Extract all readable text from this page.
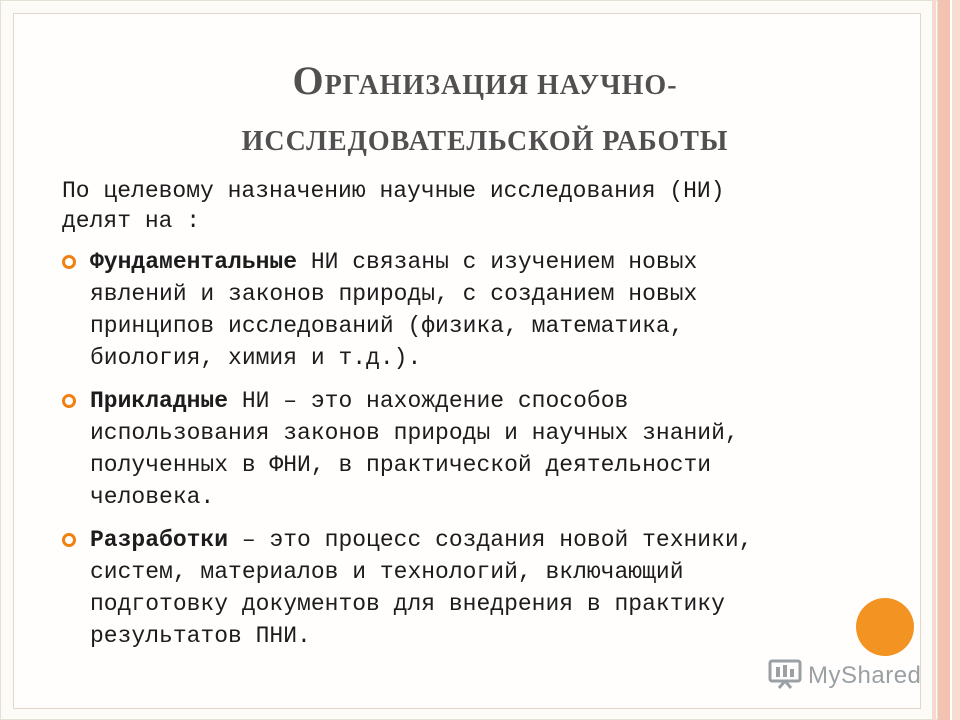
ОРГАНИЗАЦИЯ НАУЧНО-
ИССЛЕДОВАТЕЛЬСКОЙ РАБОТЫ

По целевому назначению научные исследования (НИ)
делят на :

Фундаментальные НИ связаны с изучением новых
явлений и законов природы, с созданием новых
принципов исследований (физика, математика,
биология, химия и т.д.).
Прикладные НИ – это нахождение способов
использования законов природы и научных знаний,
полученных в ФНИ, в практической деятельности
человека.
Разработки – это процесс создания новой техники,
систем, материалов и технологий, включающий
подготовку документов для внедрения в практику
результатов ПНИ.
MyShared
